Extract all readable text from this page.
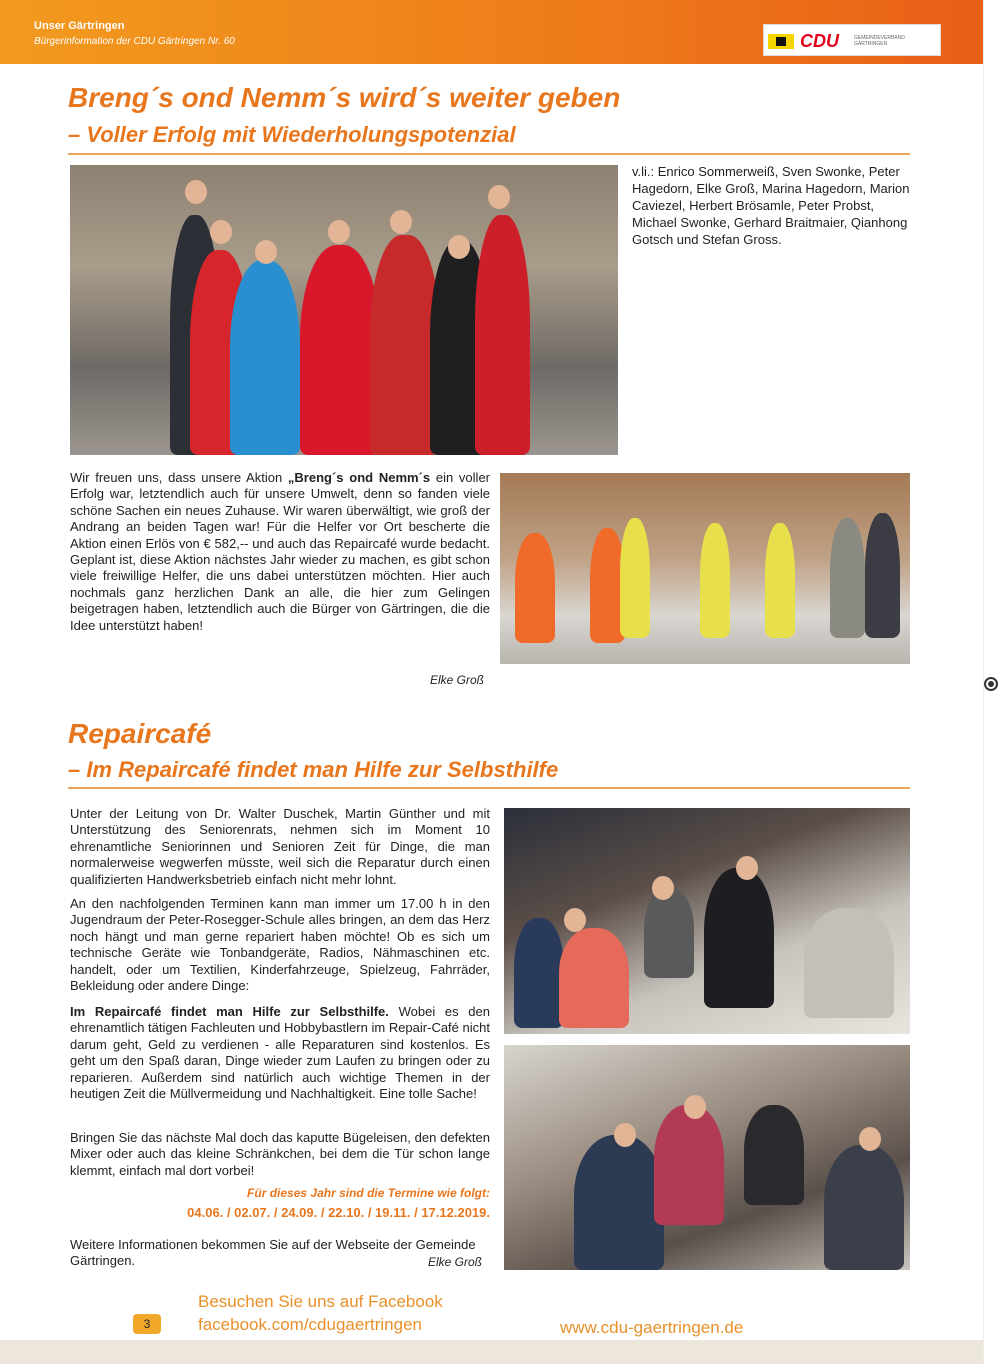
Unser Gärtringen
Bürgerinformation der CDU Gärtringen Nr. 60	CDU	GEMEINDEVERBAND GÄRTRINGEN
Breng´s ond Nemm´s wird´s weiter geben
– Voller Erfolg mit Wiederholungspotenzial
v.li.: Enrico Sommerweiß, Sven Swonke, Peter Hagedorn, Elke Groß, Marina Hagedorn, Marion Caviezel, Herbert Brösamle, Peter Probst, Michael Swonke, Gerhard Braitmaier, Qianhong Gotsch und Stefan Gross.
Wir freuen uns, dass unsere Aktion „Breng´s ond Nemm´s ein voller Erfolg war, letztendlich auch für unsere Umwelt, denn so fanden viele schöne Sachen ein neues Zuhause. Wir waren überwältigt, wie groß der Andrang an beiden Tagen war! Für die Helfer vor Ort bescherte die Aktion einen Erlös von € 582,-- und auch das Repaircafé wurde bedacht. Geplant ist, diese Aktion nächstes Jahr wieder zu machen, es gibt schon viele freiwillige Helfer, die uns dabei unterstützen möchten. Hier auch nochmals ganz herzlichen Dank an alle, die hier zum Gelingen beigetragen haben, letztendlich auch die Bürger von Gärtringen, die die Idee unterstützt haben!
Elke Groß
Repaircafé
– Im Repaircafé findet man Hilfe zur Selbsthilfe
Unter der Leitung von Dr. Walter Duschek, Martin Günther und mit Unterstützung des Seniorenrats, nehmen sich im Moment 10 ehrenamtliche Seniorinnen und Senioren Zeit für Dinge, die man normalerweise wegwerfen müsste, weil sich die Reparatur durch einen qualifizierten Handwerksbetrieb einfach nicht mehr lohnt.
An den nachfolgenden Terminen kann man immer um 17.00 h in den Jugendraum der Peter-Rosegger-Schule alles bringen, an dem das Herz noch hängt und man gerne repariert haben möchte! Ob es sich um technische Geräte wie Tonbandgeräte, Radios, Nähmaschinen etc. handelt, oder um Textilien, Kinderfahrzeuge, Spielzeug, Fahrräder, Bekleidung oder andere Dinge:
Im Repaircafé findet man Hilfe zur Selbsthilfe. Wobei es den ehrenamtlich tätigen Fachleuten und Hobbybastlern im Repair-Café nicht darum geht, Geld zu verdienen - alle Reparaturen sind kostenlos. Es geht um den Spaß daran, Dinge wieder zum Laufen zu bringen oder zu reparieren. Außerdem sind natürlich auch wichtige Themen in der heutigen Zeit die Müllvermeidung und Nachhaltigkeit. Eine tolle Sache!
Bringen Sie das nächste Mal doch das kaputte Bügeleisen, den defekten Mixer oder auch das kleine Schränkchen, bei dem die Tür schon lange klemmt, einfach mal dort vorbei!
Für dieses Jahr sind die Termine wie folgt:
04.06. / 02.07. / 24.09. / 22.10. / 19.11. / 17.12.2019.
Weitere Informationen bekommen Sie auf der Webseite der Gemeinde Gärtringen.	Elke Groß
3
Besuchen Sie uns auf Facebook
facebook.com/cdugaertringen	www.cdu-gaertringen.de
